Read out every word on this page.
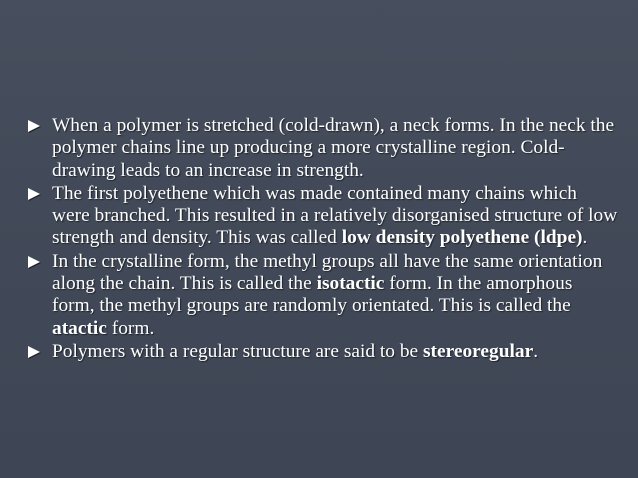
When a polymer is stretched (cold-drawn), a neck forms. In the neck the polymer chains line up producing a more crystalline region. Cold-drawing leads to an increase in strength.
The first polyethene which was made contained many chains which were branched. This resulted in a relatively disorganised structure of low strength and density. This was called low density polyethene (ldpe).
In the crystalline form, the methyl groups all have the same orientation along the chain. This is called the isotactic form. In the amorphous form, the methyl groups are randomly orientated. This is called the atactic form.
Polymers with a regular structure are said to be stereoregular.
